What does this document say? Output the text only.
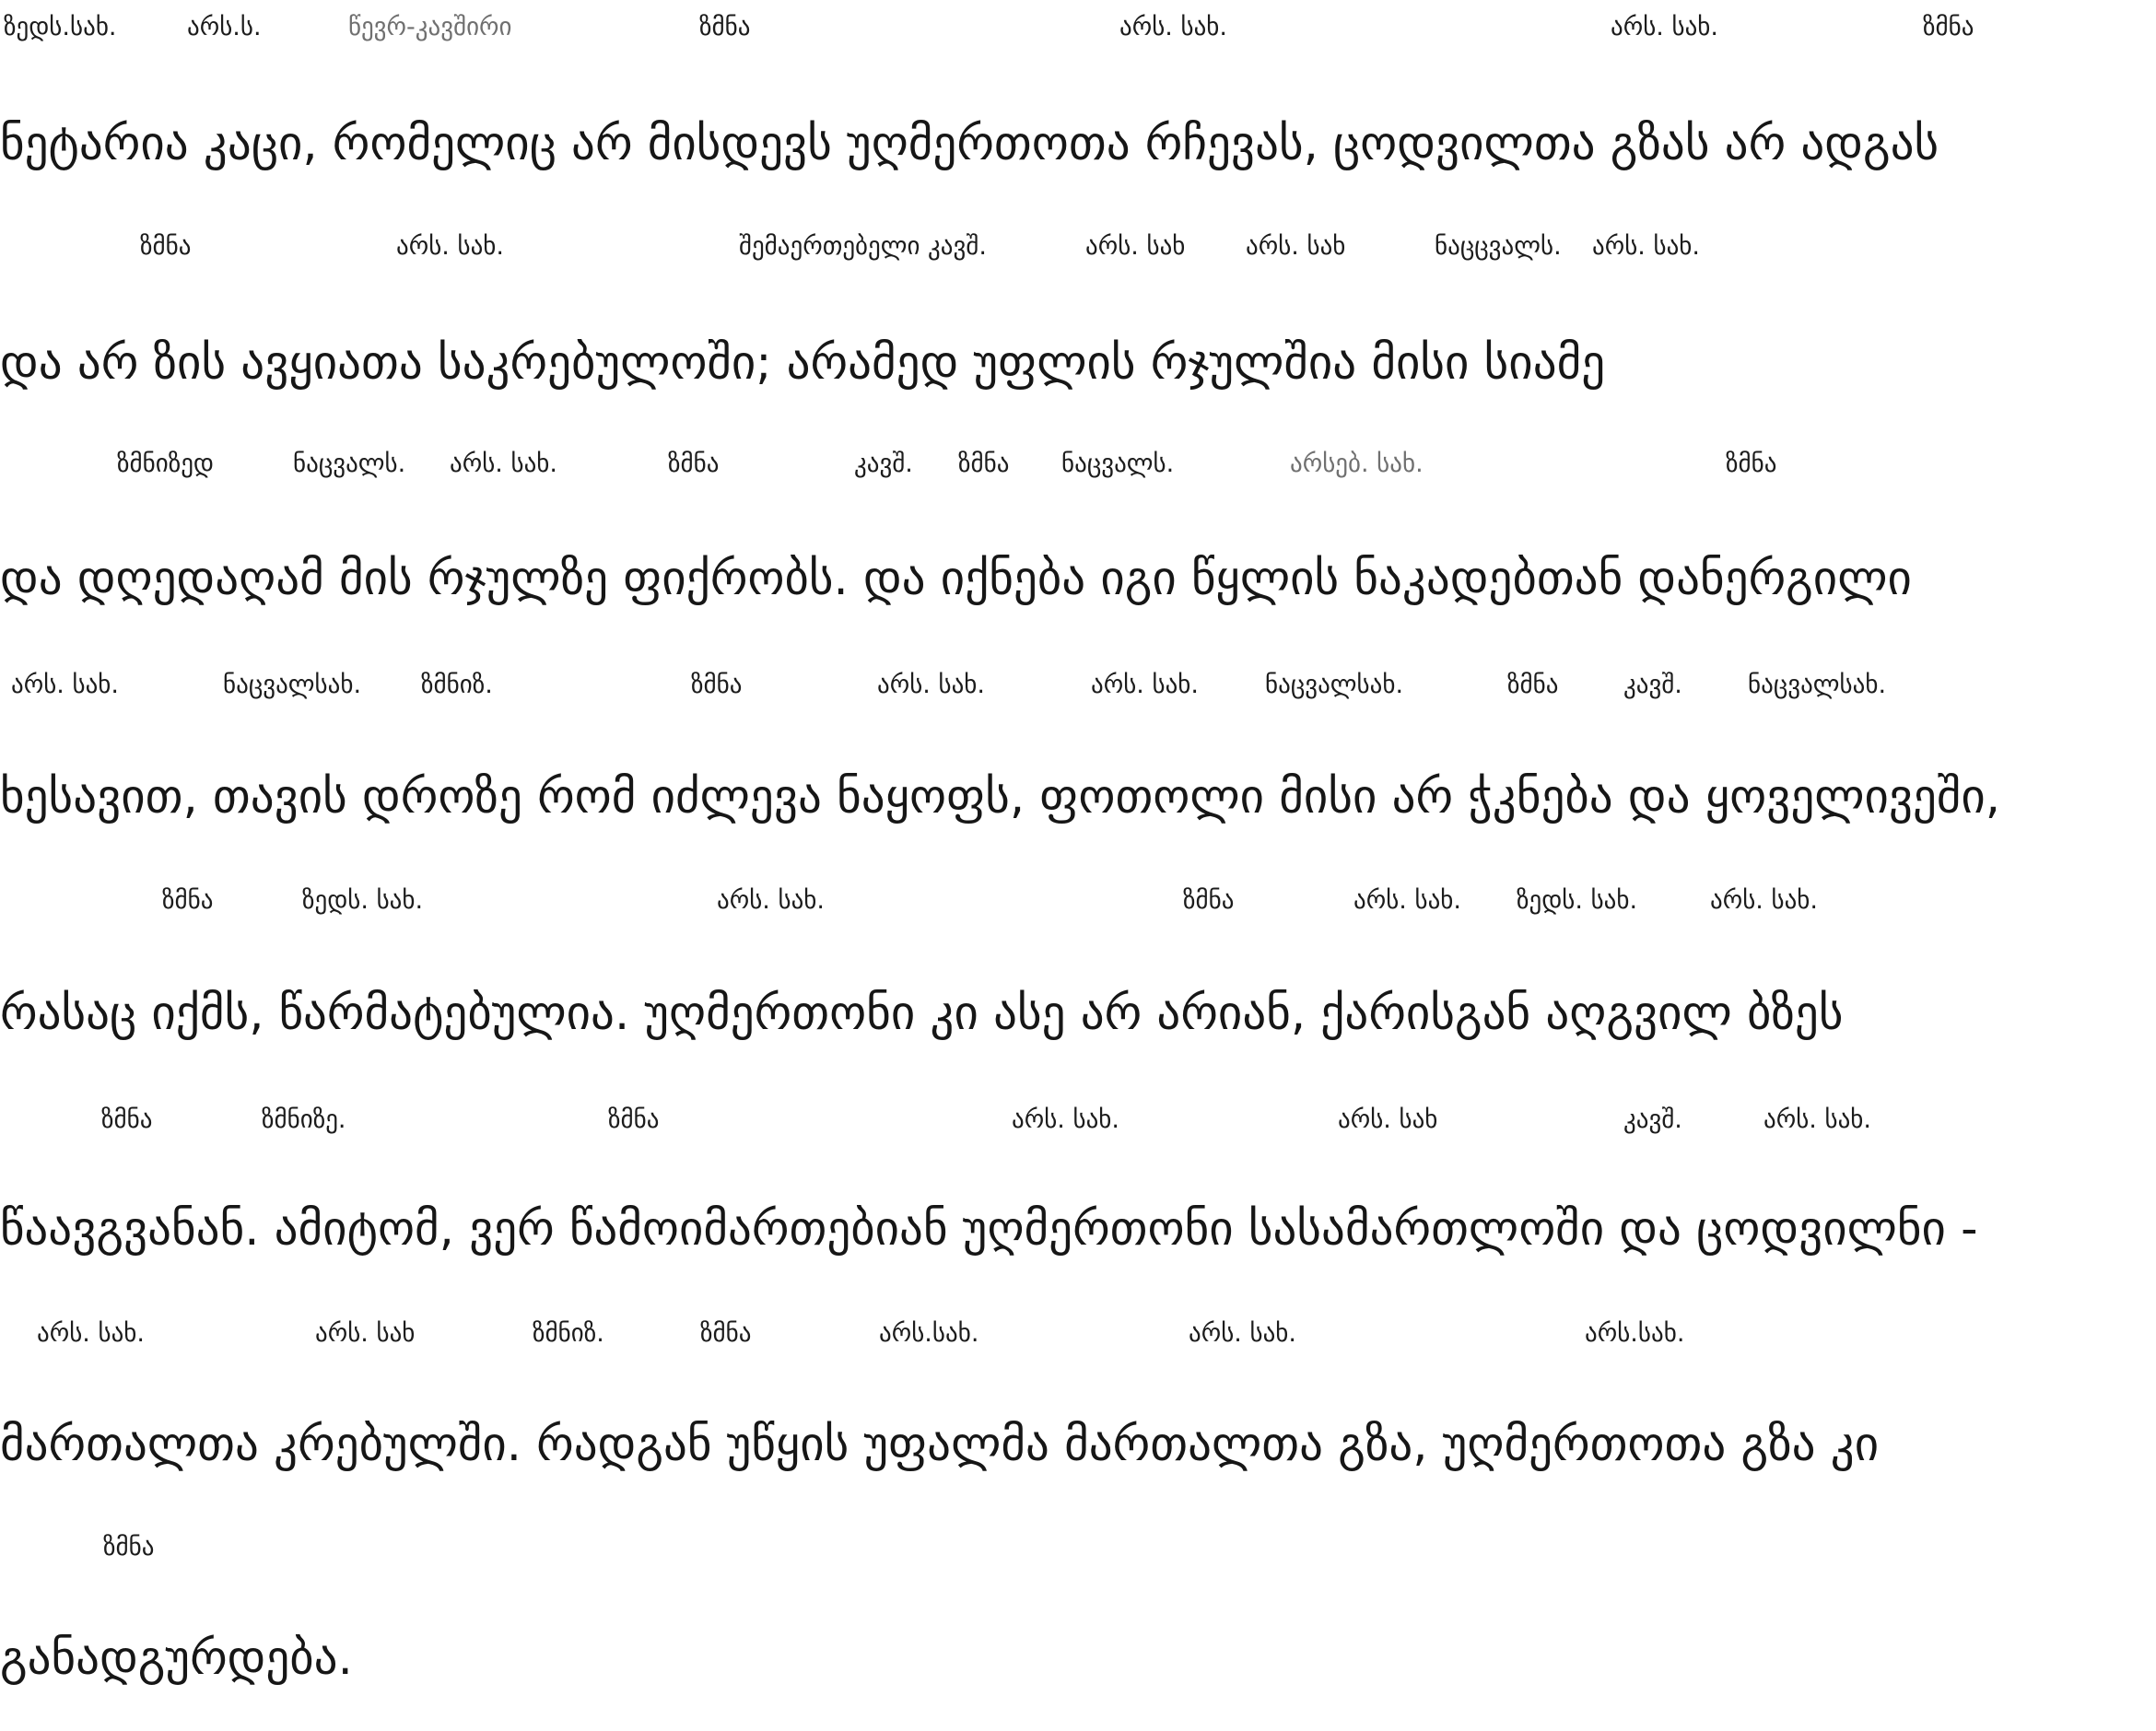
ზედს.სახ.	არს.ს.	წევრ-კავშირი	ზმნა	არს. სახ.	არს. სახ.	ზმნა
ნეტარია კაცი, რომელიც არ მისდევს უღმერთოთა რჩევას, ცოდვილთა გზას არ ადგას
ზმნა	არს. სახ.	შემაერთებელი კავშ.	არს. სახ არს. სახ	ნაცცვალს. არს. სახ.
და არ ზის ავყიათა საკრებულოში; არამედ უფლის რჯულშია მისი სიამე
ზმნიზედ	ნაცვალს. არს. სახ.	ზმნა	კავშ. ზმნა ნაცვალს.	არსებ. სახ.	ზმნა
და დღედაღამ მის რჯულზე ფიქრობს. და იქნება იგი წყლის ნაკადებთან დანერგილი
არს. სახ.	ნაცვალსახ. ზმნიზ.	ზმნა	არს. სახ.	არს. სახ.	ნაცვალსახ.	ზმნა	კავშ.	ნაცვალსახ.
ხესავით, თავის დროზე რომ იძლევა ნაყოფს, ფოთოლი მისი არ ჭკნება და ყოველივეში,
ზმნა	ზედს. სახ.	არს. სახ.	ზმნა	არს. სახ. ზედს. სახ.	არს. სახ.
რასაც იქმს, წარმატებულია. უღმერთონი კი ასე არ არიან, ქარისგან აღგვილ ბზეს
ზმნა	ზმნიზე.	ზმნა	არს. სახ.	არს. სახ	კავშ.	არს. სახ.
წაავგვანან. ამიტომ, ვერ წამოიმართებიან უღმერთონი სასამართლოში და ცოდვილნი -
არს. სახ.	არს. სახ	ზმნიზ.	ზმნა	არს.სახ.	არს. სახ.	არს.სახ.
მართალთა კრებულში. რადგან უწყის უფალმა მართალთა გზა, უღმერთოთა გზა კი
ზმნა
განადგურდება.
